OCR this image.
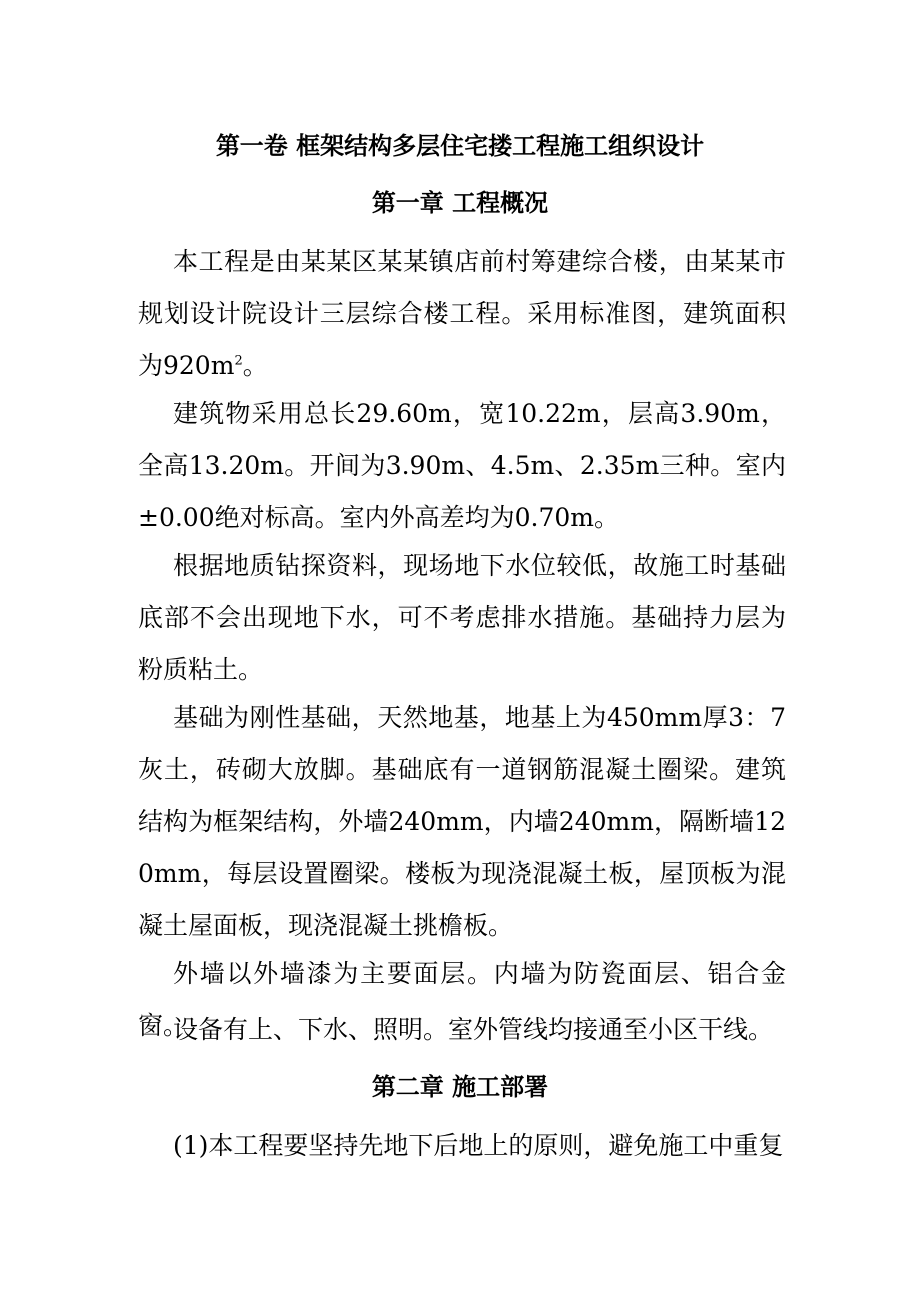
第一卷 框架结构多层住宅搂工程施工组织设计
第一章 工程概况

本工程是由某某区某某镇店前村筹建综合楼，由某某市规划设计院设计三层综合楼工程。采用标准图，建筑面积为$920m^2$。

建筑物采用总长29.60m，宽10.22m，层高3.90m，全高13.20m。开间为3.90m、4.5m、2.35m三种。室内±0.00绝对标高。室内外高差均为0.70m。

根据地质钻探资料，现场地下水位较低，故施工时基础底部不会出现地下水，可不考虑排水措施。基础持力层为粉质粘土。

基础为刚性基础，天然地基，地基上为450mm厚3：7灰土，砖砌大放脚。基础底有一道钢筋混凝土圈梁。建筑结构为框架结构，外墙240mm，内墙240mm，隔断墙120mm，每层设置圈梁。楼板为现浇混凝土板，屋顶板为混凝土屋面板，现浇混凝土挑檐板。

外墙以外墙漆为主要面层。内墙为防瓷面层、铝合金窗。

设备有上、下水、照明。室外管线均接通至小区干线。

第二章 施工部署

(1)本工程要坚持先地下后地上的原则，避免施工中重复
